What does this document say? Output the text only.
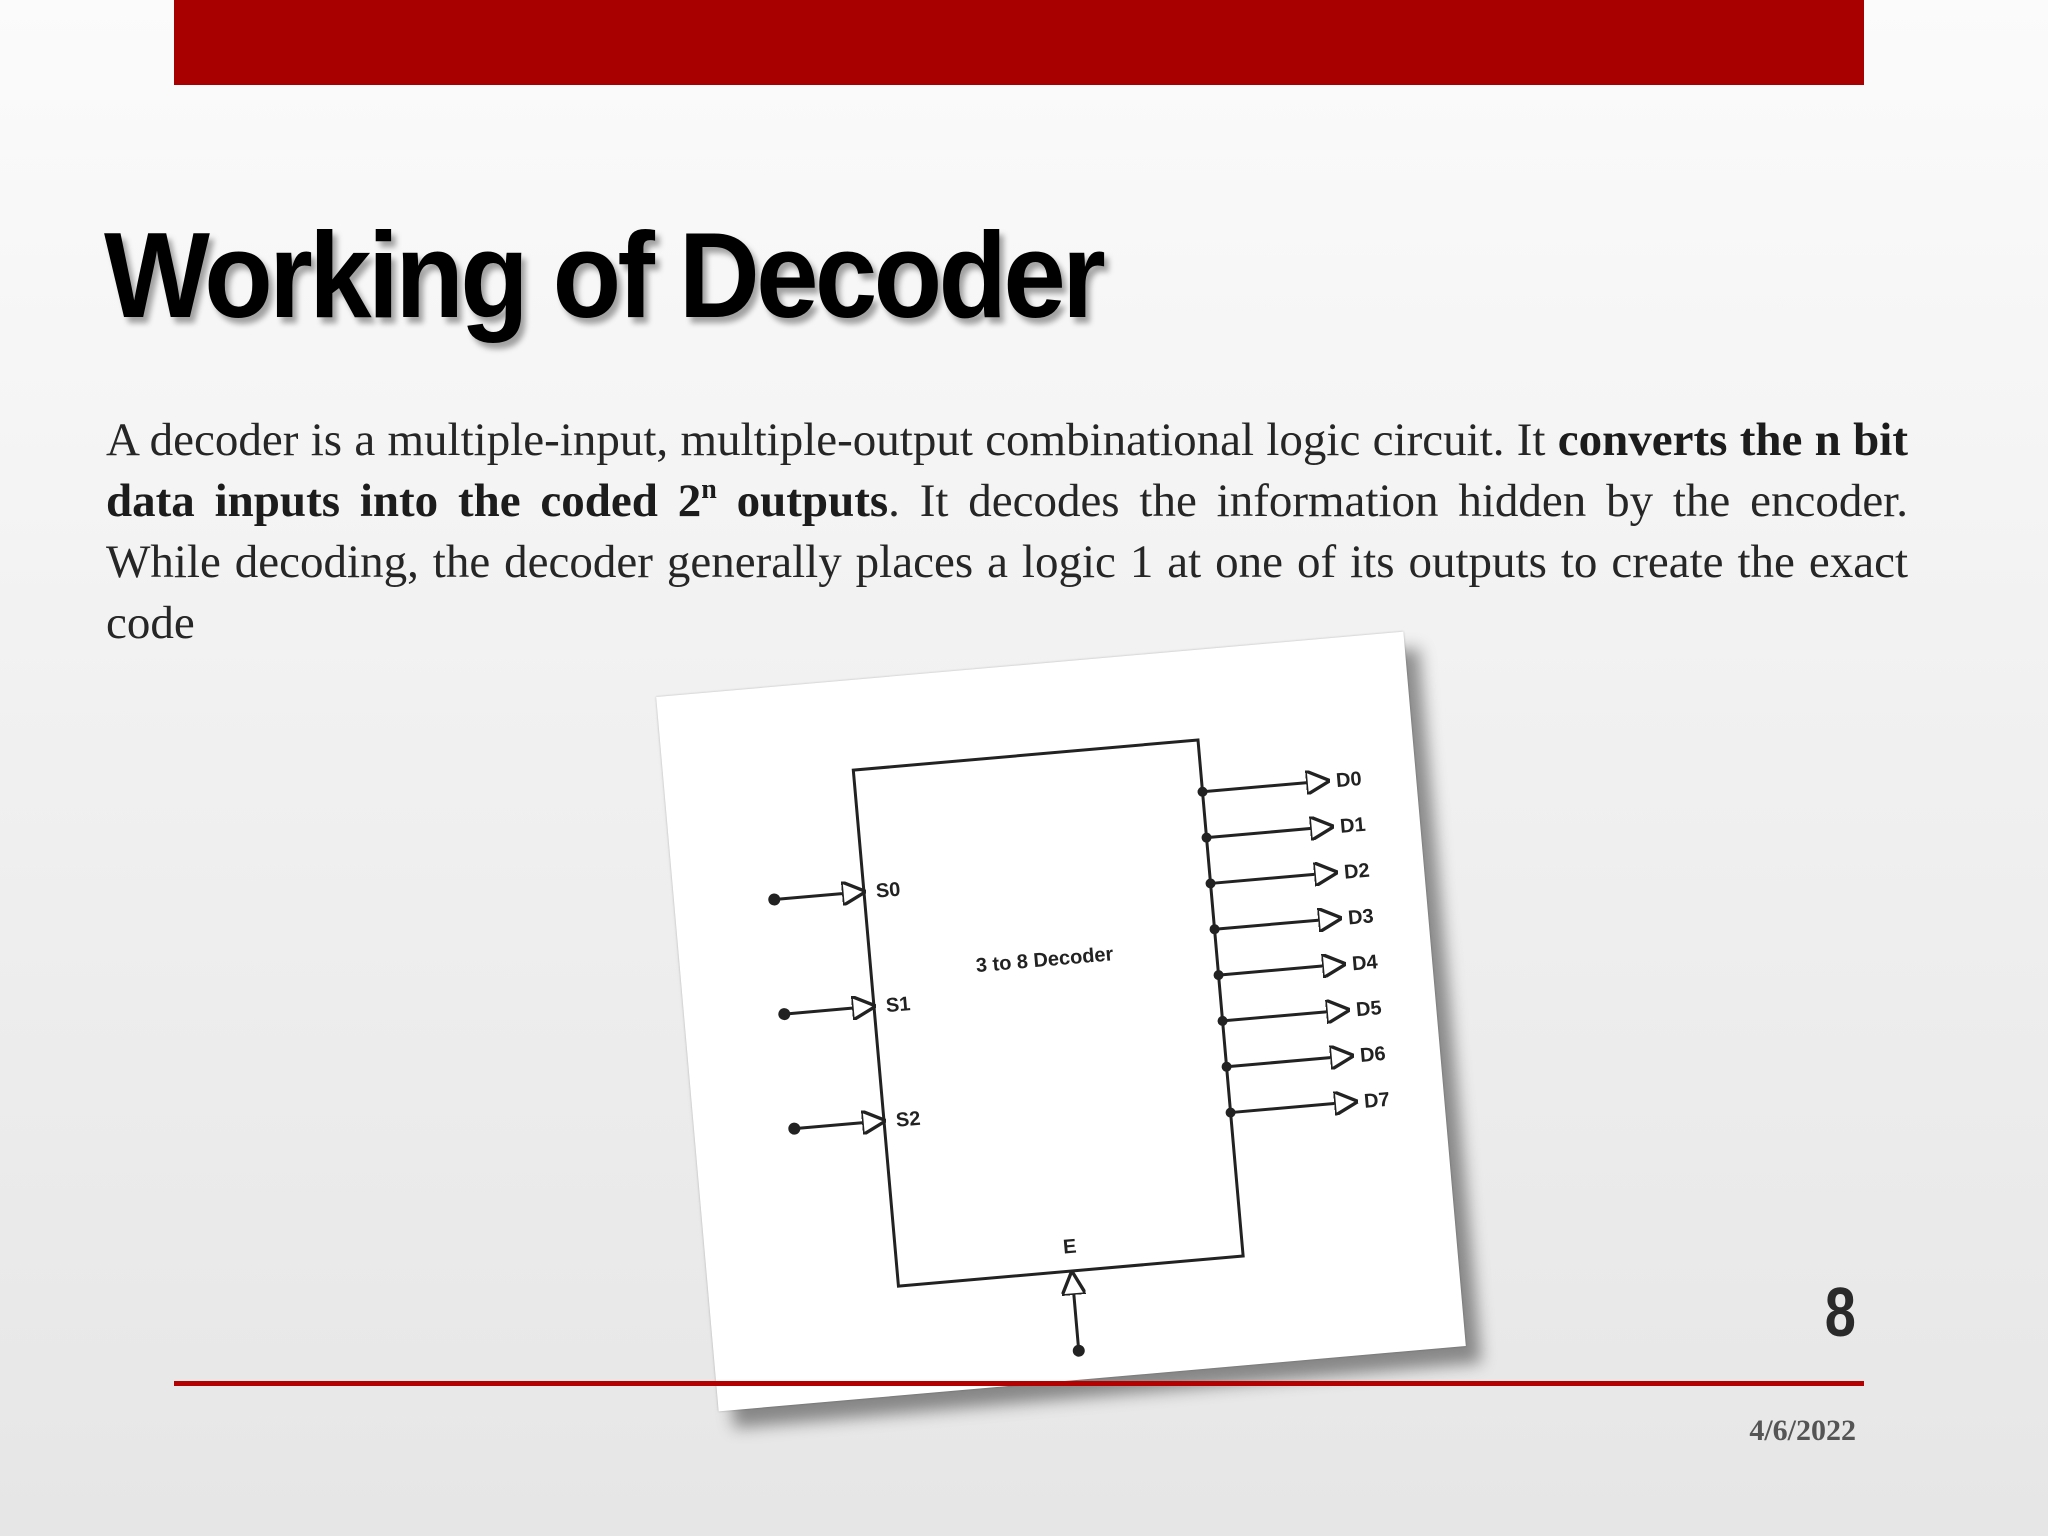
Working of Decoder

A decoder is a multiple-input, multiple-output combinational logic circuit. It converts the n bit data inputs into the coded 2$^n$ outputs. It decodes the information hidden by the encoder. While decoding, the decoder generally places a logic 1 at one of its outputs to create the exact code

3 to 8 Decoder
S0
S1
S2
D0
D1
D2
D3
D4
D5
D6
D7
E
8
4/6/2022
